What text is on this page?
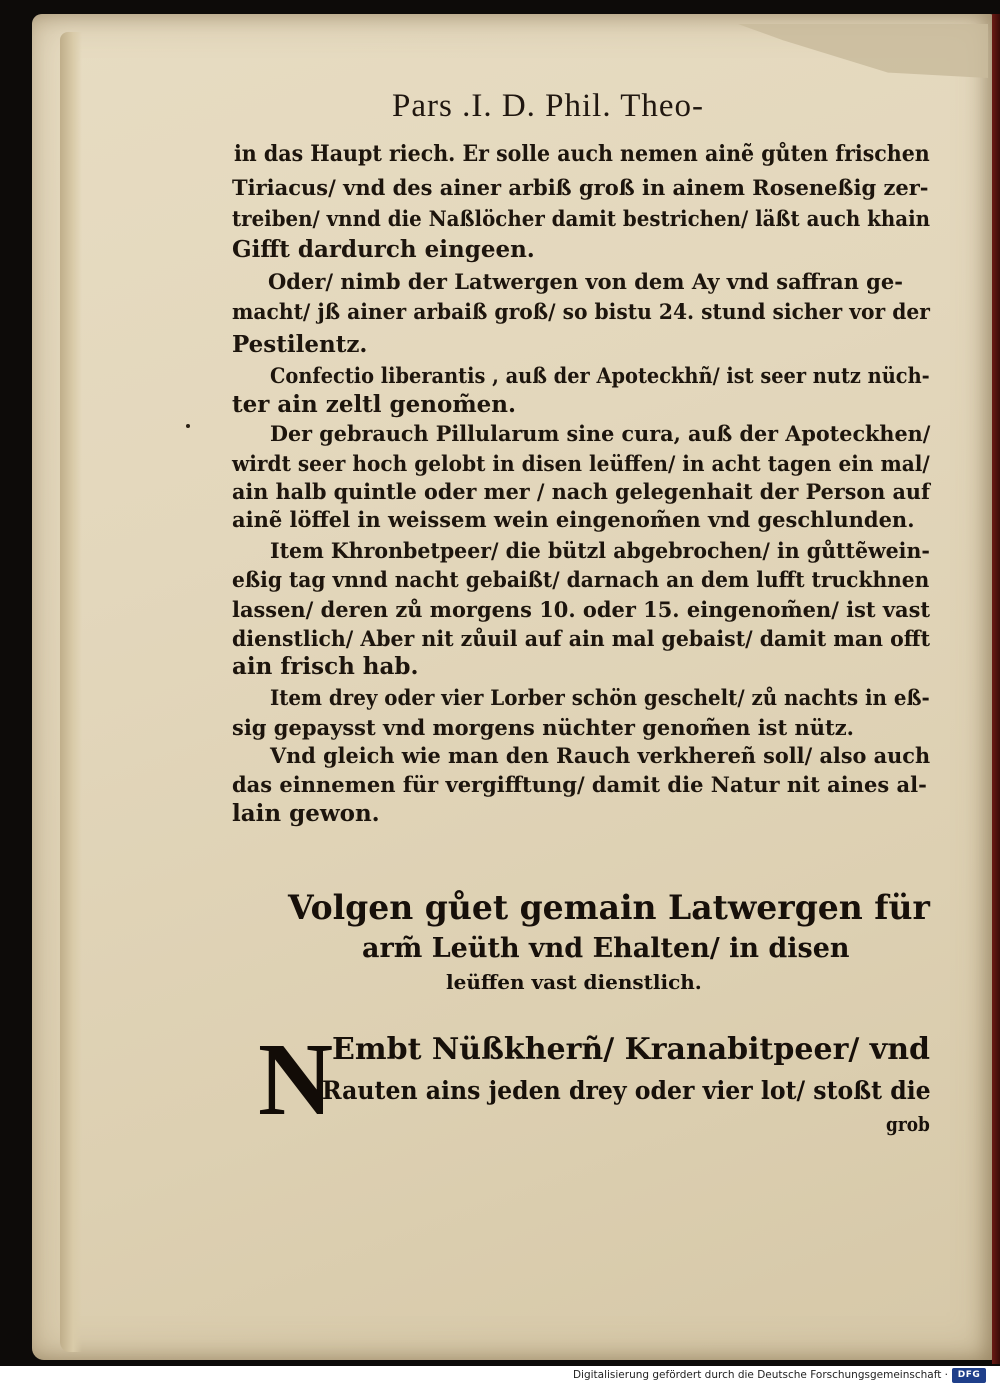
Pars .I. D. Phil. Theo-
in das Haupt riech. Er solle auch nemen ainẽ gůten frischen
Tiriacus/ vnd des ainer arbiß groß in ainem Roseneßig zer-
treiben/ vnnd die Naßlöcher damit bestrichen/ läßt auch khain
Gifft dardurch eingeen.
Oder/ nimb der Latwergen von dem Ay vnd saffran ge-
macht/ jß ainer arbaiß groß/ so bistu 24. stund sicher vor der
Pestilentz.
Confectio liberantis , auß der Apoteckhñ/ ist seer nutz nüch-
ter ain zeltl genom̃en.
Der gebrauch Pillularum sine cura, auß der Apoteckhen/
wirdt seer hoch gelobt in disen leüffen/ in acht tagen ein mal/
ain halb quintle oder mer / nach gelegenhait der Person auf
ainẽ löffel in weissem wein eingenom̃en vnd geschlunden.
Item Khronbetpeer/ die bützl abgebrochen/ in gůttẽwein-
eßig tag vnnd nacht gebaißt/ darnach an dem lufft truckhnen
lassen/ deren zů morgens 10. oder 15. eingenom̃en/ ist vast
dienstlich/ Aber nit zůuil auf ain mal gebaist/ damit man offt
ain frisch hab.
Item drey oder vier Lorber schön geschelt/ zů nachts in eß-
sig gepaysst vnd morgens nüchter genom̃en ist nütz.
Vnd gleich wie man den Rauch verkhereñ soll/ also auch
das einnemen für vergifftung/ damit die Natur nit aines al-
lain gewon.
Volgen gůet gemain Latwergen für
arm̃ Leüth vnd Ehalten/ in disen
leüffen vast dienstlich.
N
Embt Nüßkherñ/ Kranabitpeer/ vnd
Rauten ains jeden drey oder vier lot/ stoßt die
grob
Digitalisierung gefördert durch die Deutsche Forschungsgemeinschaft ·	DFG
